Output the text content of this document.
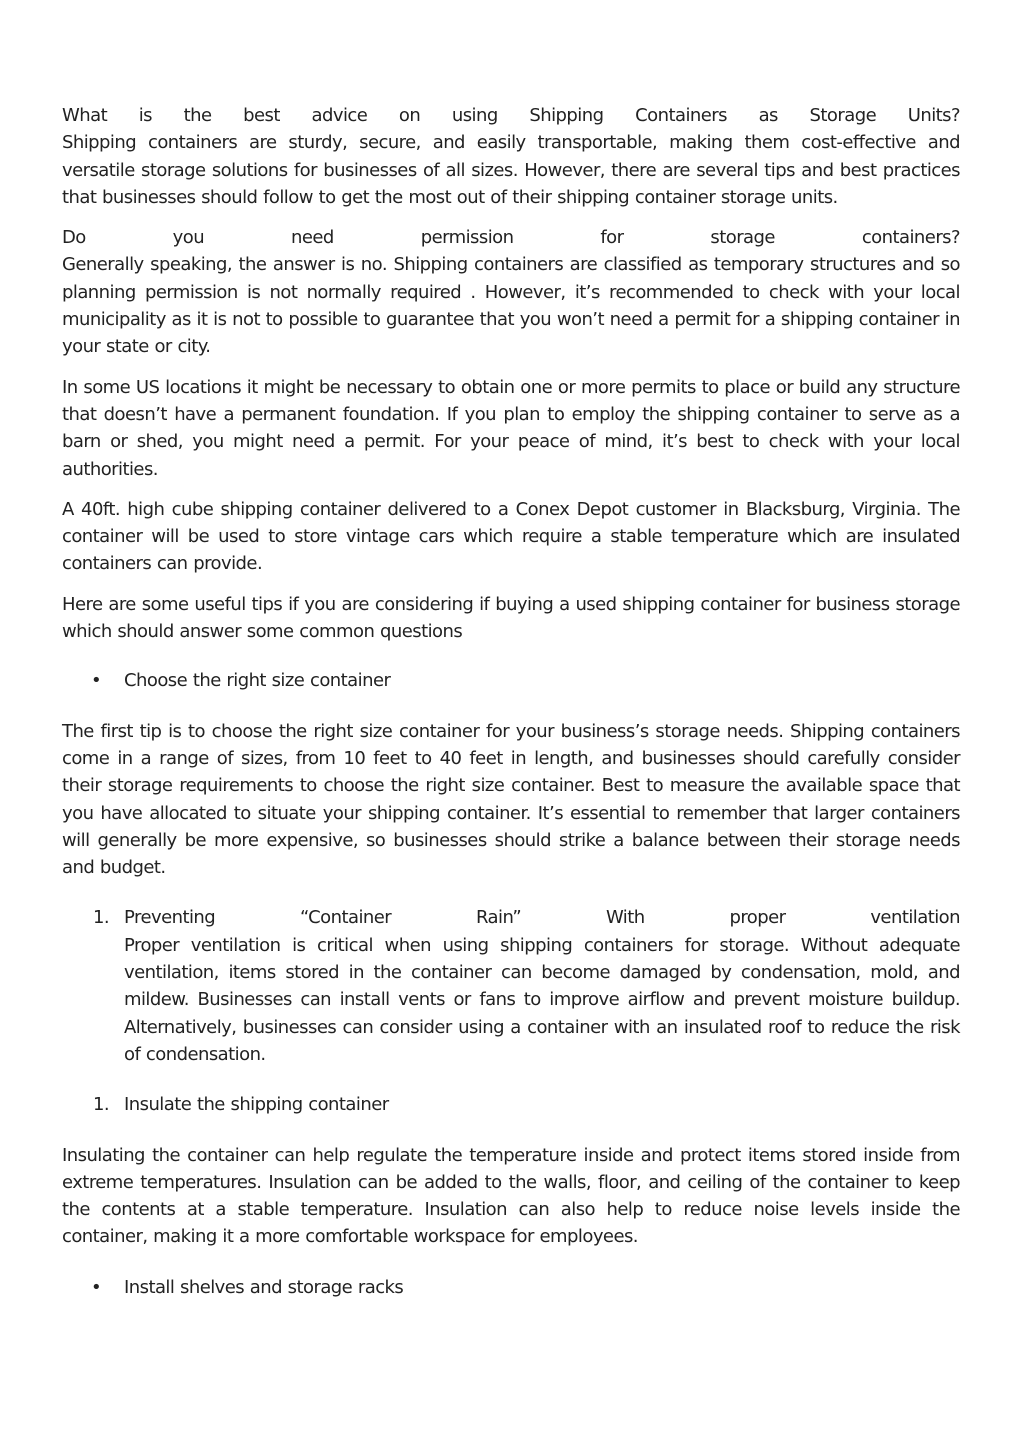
What is the best advice on using Shipping Containers as Storage Units?
Shipping containers are sturdy, secure, and easily transportable, making them cost-effective and versatile storage solutions for businesses of all sizes. However, there are several tips and best practices that businesses should follow to get the most out of their shipping container storage units.

Do you need permission for storage containers?
Generally speaking, the answer is no. Shipping containers are classified as temporary structures and so planning permission is not normally required . However, it’s recommended to check with your local municipality as it is not to possible to guarantee that you won’t need a permit for a shipping container in your state or city.

In some US locations it might be necessary to obtain one or more permits to place or build any structure that doesn’t have a permanent foundation. If you plan to employ the shipping container to serve as a barn or shed, you might need a permit. For your peace of mind, it’s best to check with your local authorities.

A 40ft. high cube shipping container delivered to a Conex Depot customer in Blacksburg, Virginia. The container will be used to store vintage cars which require a stable temperature which are insulated containers can provide.

Here are some useful tips if you are considering if buying a used shipping container for business storage which should answer some common questions

• Choose the right size container

The first tip is to choose the right size container for your business’s storage needs. Shipping containers come in a range of sizes, from 10 feet to 40 feet in length, and businesses should carefully consider their storage requirements to choose the right size container. Best to measure the available space that you have allocated to situate your shipping container. It’s essential to remember that larger containers will generally be more expensive, so businesses should strike a balance between their storage needs and budget.

1. Preventing “Container Rain” With proper ventilation
Proper ventilation is critical when using shipping containers for storage. Without adequate ventilation, items stored in the container can become damaged by condensation, mold, and mildew. Businesses can install vents or fans to improve airflow and prevent moisture buildup. Alternatively, businesses can consider using a container with an insulated roof to reduce the risk of condensation.
1. Insulate the shipping container

Insulating the container can help regulate the temperature inside and protect items stored inside from extreme temperatures. Insulation can be added to the walls, floor, and ceiling of the container to keep the contents at a stable temperature. Insulation can also help to reduce noise levels inside the container, making it a more comfortable workspace for employees.

• Install shelves and storage racks
